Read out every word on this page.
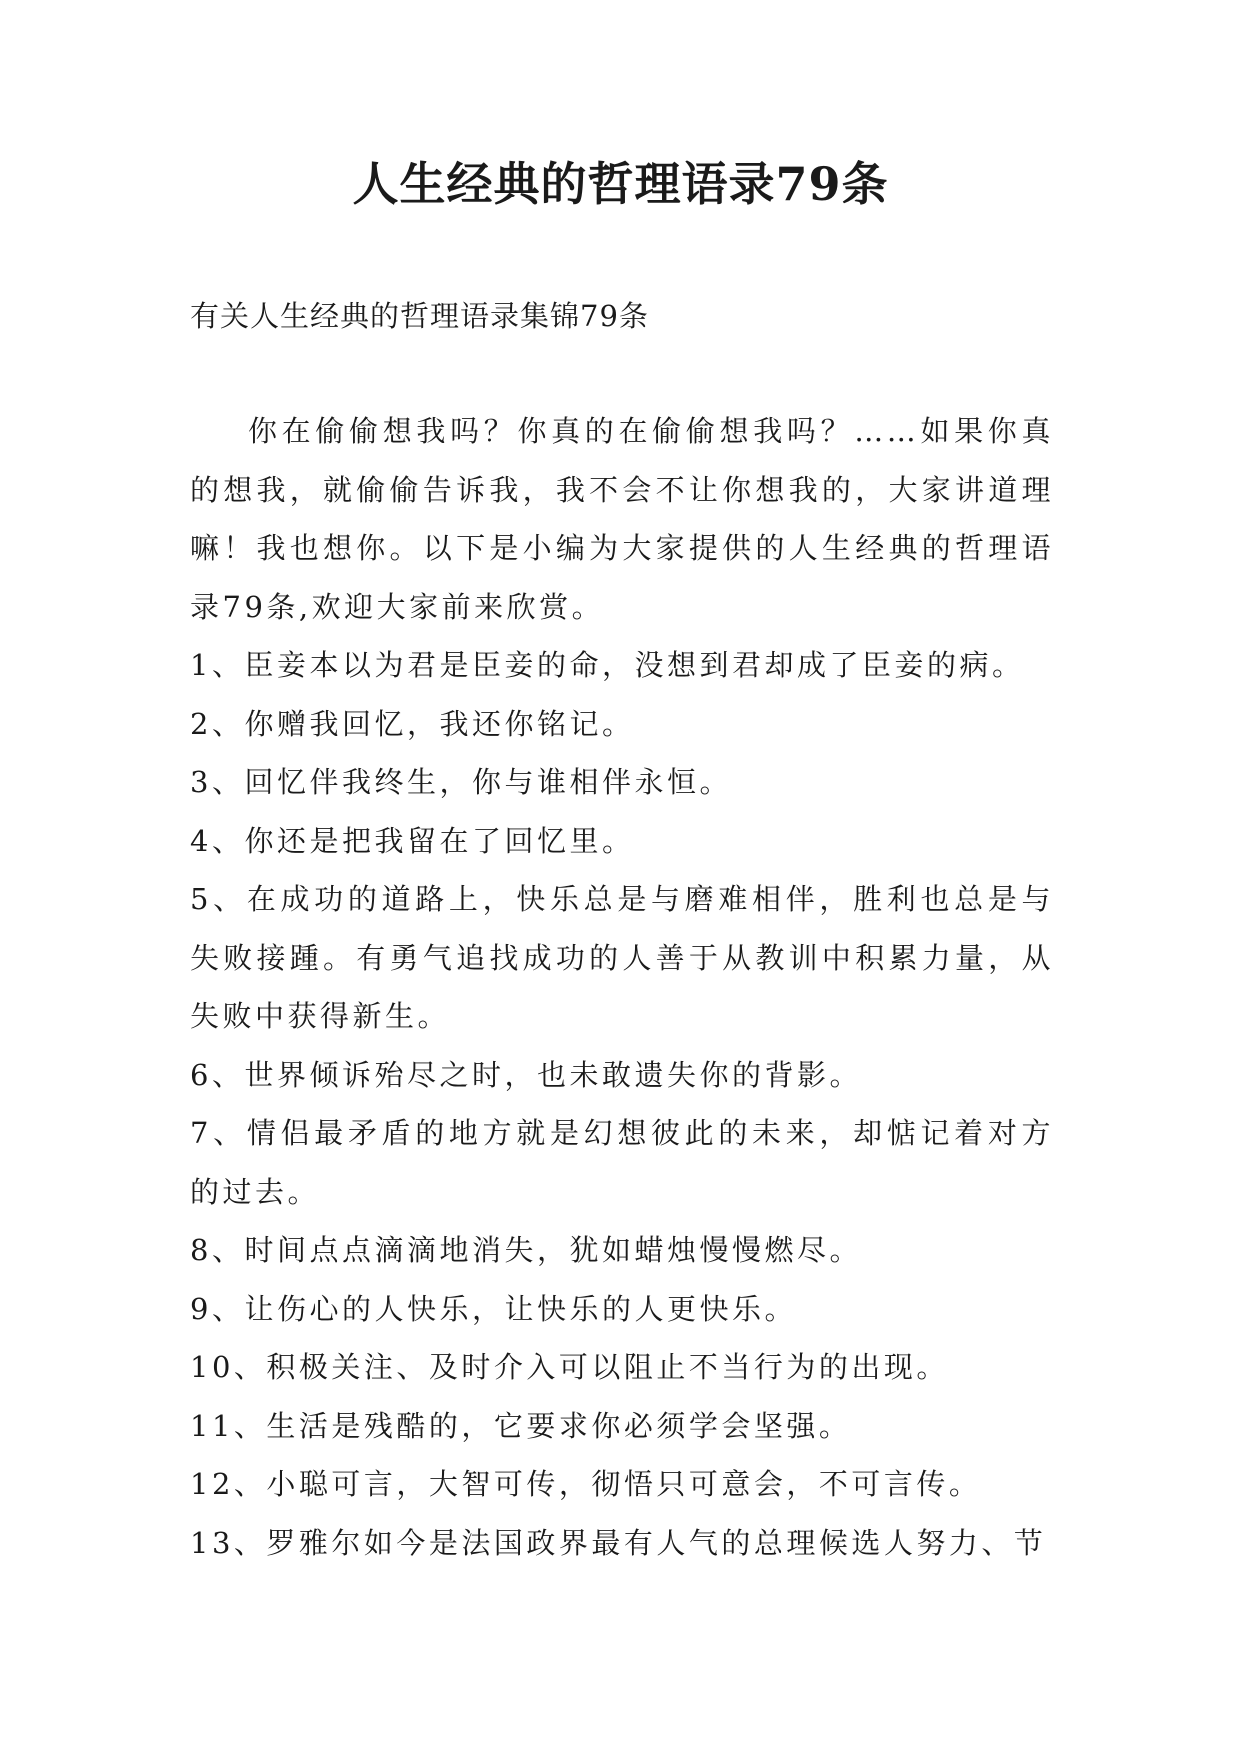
人生经典的哲理语录79条
有关人生经典的哲理语录集锦79条

你在偷偷想我吗？你真的在偷偷想我吗？……如果你真的想我，就偷偷告诉我，我不会不让你想我的，大家讲道理嘛！我也想你。以下是小编为大家提供的人生经典的哲理语录79条,欢迎大家前来欣赏。

1、臣妾本以为君是臣妾的命，没想到君却成了臣妾的病。

2、你赠我回忆，我还你铭记。

3、回忆伴我终生，你与谁相伴永恒。

4、你还是把我留在了回忆里。

5、在成功的道路上，快乐总是与磨难相伴，胜利也总是与失败接踵。有勇气追找成功的人善于从教训中积累力量，从失败中获得新生。

6、世界倾诉殆尽之时，也未敢遗失你的背影。

7、情侣最矛盾的地方就是幻想彼此的未来，却惦记着对方的过去。

8、时间点点滴滴地消失，犹如蜡烛慢慢燃尽。

9、让伤心的人快乐，让快乐的人更快乐。

10、积极关注、及时介入可以阻止不当行为的出现。

11、生活是残酷的，它要求你必须学会坚强。

12、小聪可言，大智可传，彻悟只可意会，不可言传。

13、罗雅尔如今是法国政界最有人气的总理候选人努力、节
